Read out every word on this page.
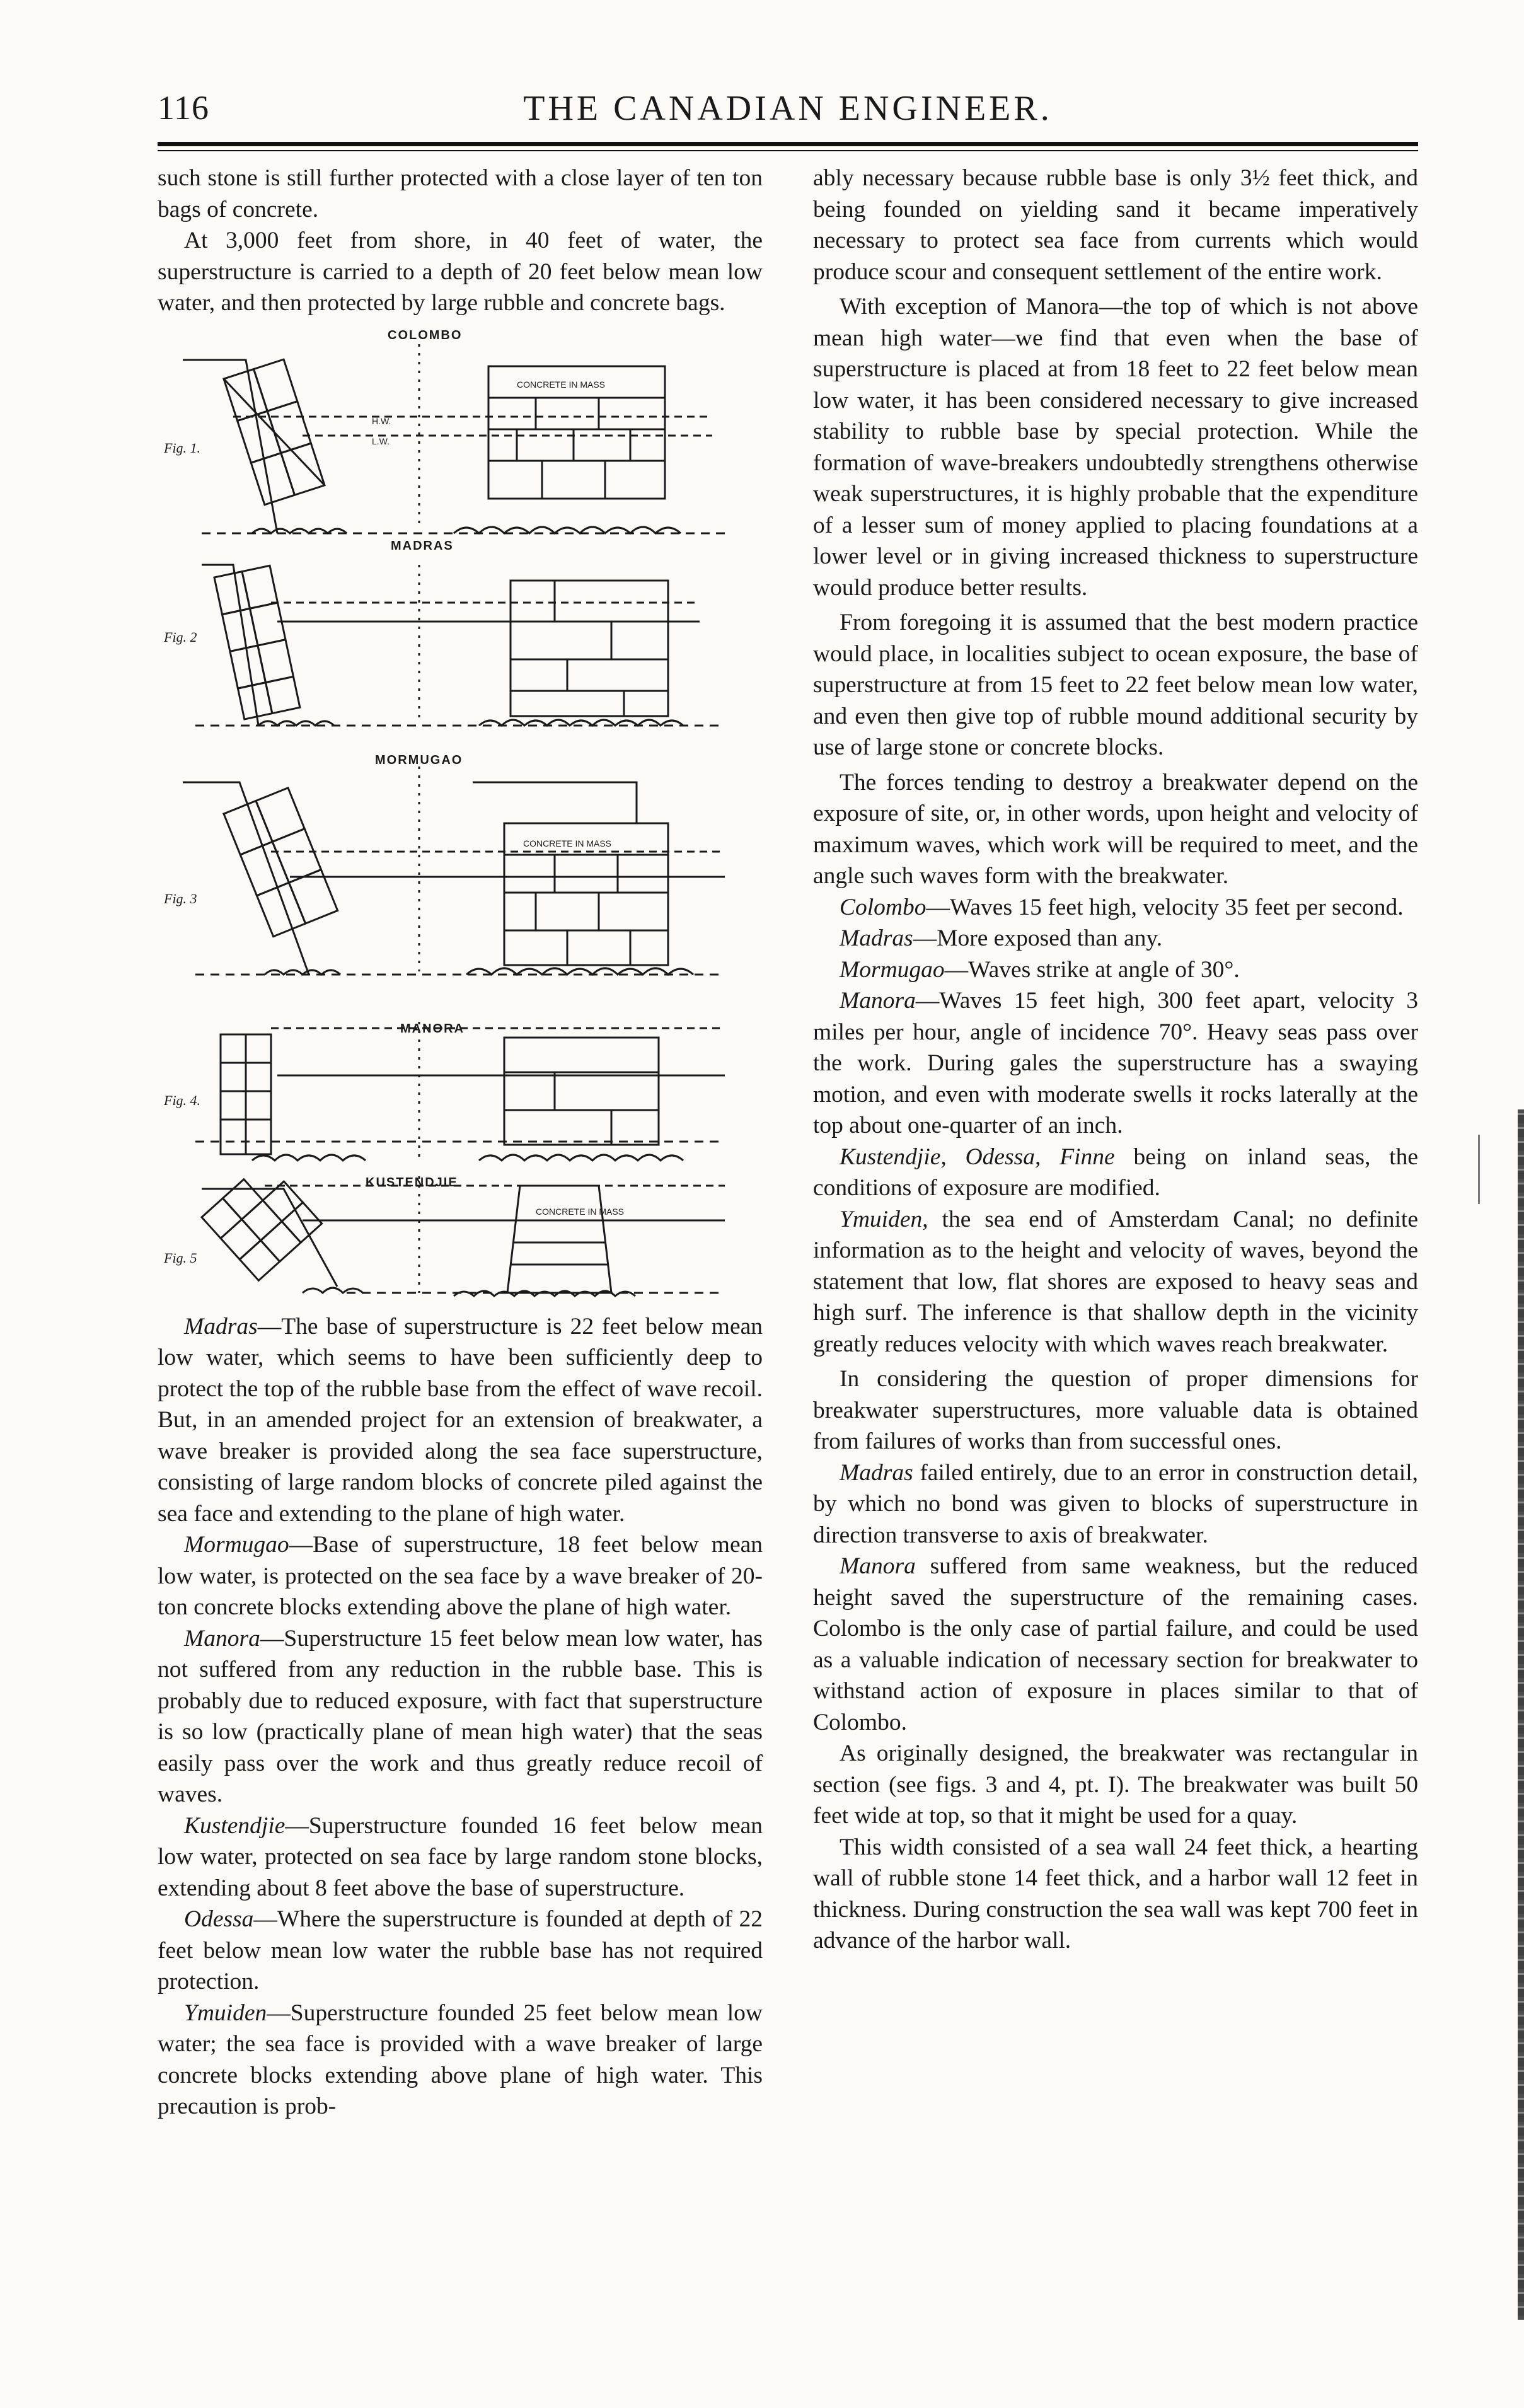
116	THE CANADIAN ENGINEER.

such stone is still further protected with a close layer of ten ton bags of concrete.

At 3,000 feet from shore, in 40 feet of water, the superstructure is carried to a depth of 20 feet below mean low water, and then protected by large rubble and concrete bags.

COLOMBO
MADRAS
MORMUGAO
MANORA
KUSTENDJIE
Fig. 1.
Fig. 2
Fig. 3
Fig. 4.
Fig. 5
CONCRETE IN MASS
CONCRETE IN MASS
CONCRETE IN MASS
H.W.
L.W.

Madras—The base of superstructure is 22 feet below mean low water, which seems to have been sufficiently deep to protect the top of the rubble base from the effect of wave recoil. But, in an amended project for an extension of breakwater, a wave breaker is provided along the sea face superstructure, consisting of large random blocks of concrete piled against the sea face and extending to the plane of high water.

Mormugao—Base of superstructure, 18 feet below mean low water, is protected on the sea face by a wave breaker of 20-ton concrete blocks extending above the plane of high water.

Manora—Superstructure 15 feet below mean low water, has not suffered from any reduction in the rubble base. This is probably due to reduced exposure, with fact that superstructure is so low (practically plane of mean high water) that the seas easily pass over the work and thus greatly reduce recoil of waves.

Kustendjie—Superstructure founded 16 feet below mean low water, protected on sea face by large random stone blocks, extending about 8 feet above the base of superstructure.

Odessa—Where the superstructure is founded at depth of 22 feet below mean low water the rubble base has not required protection.

Ymuiden—Superstructure founded 25 feet below mean low water; the sea face is provided with a wave breaker of large concrete blocks extending above plane of high water. This precaution is prob-

ably necessary because rubble base is only 3½ feet thick, and being founded on yielding sand it became imperatively necessary to protect sea face from currents which would produce scour and consequent settlement of the entire work.

With exception of Manora—the top of which is not above mean high water—we find that even when the base of superstructure is placed at from 18 feet to 22 feet below mean low water, it has been considered necessary to give increased stability to rubble base by special protection. While the formation of wave-breakers undoubtedly strengthens otherwise weak superstructures, it is highly probable that the expenditure of a lesser sum of money applied to placing foundations at a lower level or in giving increased thickness to superstructure would produce better results.

From foregoing it is assumed that the best modern practice would place, in localities subject to ocean exposure, the base of superstructure at from 15 feet to 22 feet below mean low water, and even then give top of rubble mound additional security by use of large stone or concrete blocks.

The forces tending to destroy a breakwater depend on the exposure of site, or, in other words, upon height and velocity of maximum waves, which work will be required to meet, and the angle such waves form with the breakwater.

Colombo—Waves 15 feet high, velocity 35 feet per second.

Madras—More exposed than any.

Mormugao—Waves strike at angle of 30°.

Manora—Waves 15 feet high, 300 feet apart, velocity 3 miles per hour, angle of incidence 70°. Heavy seas pass over the work. During gales the superstructure has a swaying motion, and even with moderate swells it rocks laterally at the top about one-quarter of an inch.

Kustendjie, Odessa, Finne being on inland seas, the conditions of exposure are modified.

Ymuiden, the sea end of Amsterdam Canal; no definite information as to the height and velocity of waves, beyond the statement that low, flat shores are exposed to heavy seas and high surf. The inference is that shallow depth in the vicinity greatly reduces velocity with which waves reach breakwater.

In considering the question of proper dimensions for breakwater superstructures, more valuable data is obtained from failures of works than from successful ones.

Madras failed entirely, due to an error in construction detail, by which no bond was given to blocks of superstructure in direction transverse to axis of breakwater.

Manora suffered from same weakness, but the reduced height saved the superstructure of the remaining cases. Colombo is the only case of partial failure, and could be used as a valuable indication of necessary section for breakwater to withstand action of exposure in places similar to that of Colombo.

As originally designed, the breakwater was rectangular in section (see figs. 3 and 4, pt. I). The breakwater was built 50 feet wide at top, so that it might be used for a quay.

This width consisted of a sea wall 24 feet thick, a hearting wall of rubble stone 14 feet thick, and a harbor wall 12 feet in thickness. During construction the sea wall was kept 700 feet in advance of the harbor wall.
